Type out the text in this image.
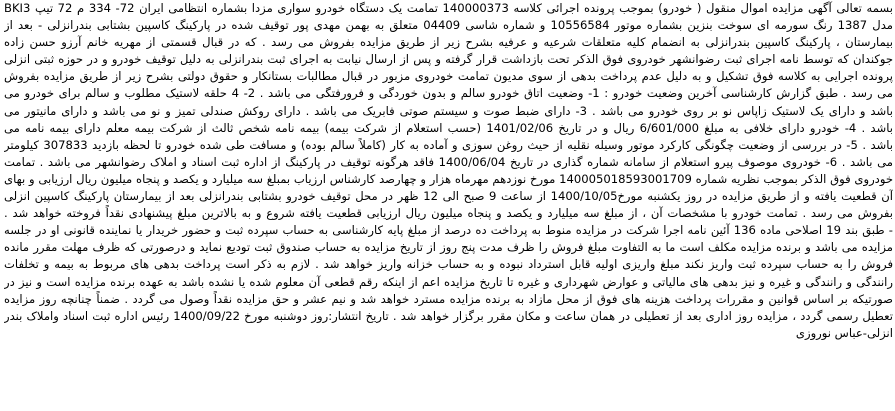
بسمه تعالی آگهی مزایده اموال منقول ( خودرو) بموجب پرونده اجرائی کلاسه 140000373 تمامت یک دستگاه خودرو سواری مزدا بشماره انتظامی ایران 72- 334 م 72 تیپ BKI3
مدل 1387 رنگ سورمه ای سوخت بنزین بشماره موتور 10556584 و شماره شاسی 04409 متعلق به بهمن مهدی پور توقیف شده در پارکینگ کاسپین بشتابی بندرانزلی - بعد از
بیمارستان ، پارکینگ کاسپین بندرانزلی به انضمام کلیه متعلقات شرعیه و عرفیه بشرح زیر از طریق مزایده بفروش می رسد . که در قبال قسمتی از مهریه خانم آرزو حسن زاده
جوکندان که توسط نامه اجرای ثبت رضوانشهر خودروی فوق الذکر تحت بازداشت قرار گرفته و پس از ارسال نیابت به اجرای ثبت بندرانزلی به دلیل توقیف خودرو و در حوزه ثبتی انزلی
پرونده اجرایی به کلاسه فوق تشکیل و به دلیل عدم پرداخت بدهی از سوی مدیون تمامت خودروی مزبور در قبال مطالبات بستانکار و حقوق دولتی بشرح زیر از طریق مزایده بفروش
می رسد . طبق گزارش کارشناسی آخرین وضعیت خودرو : 1- وضعیت اتاق خودرو سالم و بدون خوردگی و فرورفتگی می باشد . 2- 4 حلقه لاستیک مطلوب و سالم برای خودرو می
باشد و دارای یک لاستیک زاپاس نو بر روی خودرو می باشد . 3- دارای ضبط صوت و سیستم صوتی فابریک می باشد . دارای روکش صندلی تمیز و نو می باشد و دارای مانیتور می
باشد . 4- خودرو دارای خلافی به مبلغ 6/601/000 ریال و در تاریخ 1401/02/06 (حسب استعلام از شرکت بیمه) بیمه نامه شخص ثالث از شرکت بیمه معلم دارای بیمه نامه می
باشد . 5- در بررسی از وضعیت چگونگی کارکرد موتور وسیله نقلیه از حیث روغن سوزی و آماده به کار (کاملاً سالم بوده) و مسافت طی شده خودرو تا لحظه بازدید 307833 کیلومتر
می باشد . 6- خودروی موصوف پیرو استعلام از سامانه شماره گذاری در تاریخ 1400/06/04 فاقد هرگونه توقیف در پارکینگ از اداره ثبت اسناد و املاک رضوانشهر می باشد . تمامت
خودروی فوق الذکر بموجب نظریه شماره 14000501859300170​9 مورخ نوزدهم مهرماه هزار و چهارصد کارشناس ارزیاب بمبلغ سه میلیارد و یکصد و پنجاه میلیون ریال ارزیابی و بهای
آن قطعیت یافته و از طریق مزایده در روز یکشنبه مورخ1400/10/05 از ساعت 9 صبح الی 12 ظهر در محل توقیف خودرو بشتابی بندرانزلی بعد از بیمارستان پارکینگ کاسپین انزلی
بفروش می رسد . تمامت خودرو با مشخصات آن ، از مبلغ سه میلیارد و یکصد و پنجاه میلیون ریال ارزیابی قطعیت یافته شروع و به بالاترین مبلغ پیشنهادی نقداً فروخته خواهد شد .
- طبق بند 19 اصلاحی ماده 136 آئین نامه اجرا شرکت در مزایده منوط به پرداخت ده درصد از مبلغ پایه کارشناسی به حساب سپرده ثبت و حضور خریدار یا نماینده قانونی او در جلسه
مزایده می باشد و برنده مزایده مکلف است ما به التفاوت مبلغ فروش را ظرف مدت پنج روز از تاریخ مزایده به حساب صندوق ثبت تودیع نماید و درصورتی که ظرف مهلت مقرر مانده
فروش را به حساب سپرده ثبت واریز نکند مبلغ واریزی اولیه قابل استرداد نبوده و به حساب خزانه واریز خواهد شد . لازم به ذکر است پرداخت بدهی های مربوط به بیمه و تخلفات
رانندگی و رانندگی و غیره و نیز بدهی های مالیاتی و عوارض شهرداری و غیره تا تاریخ مزایده اعم از اینکه رقم قطعی آن معلوم شده یا نشده باشد به عهده برنده مزایده است و نیز در
صورتیکه بر اساس قوانین و مقررات پرداخت هزینه های فوق از محل مازاد به برنده مزایده مسترد خواهد شد و نیم عشر و حق مزایده نقداً وصول می گردد . ضمناً چنانچه روز مزایده
تعطیل رسمی گردد ، مزایده روز اداری بعد از تعطیلی در همان ساعت و مکان مقرر برگزار خواهد شد . تاریخ انتشار:روز دوشنبه مورخ 1400/09/22 رئیس اداره ثبت اسناد واملاک بندر
انزلی-عباس نوروزی
